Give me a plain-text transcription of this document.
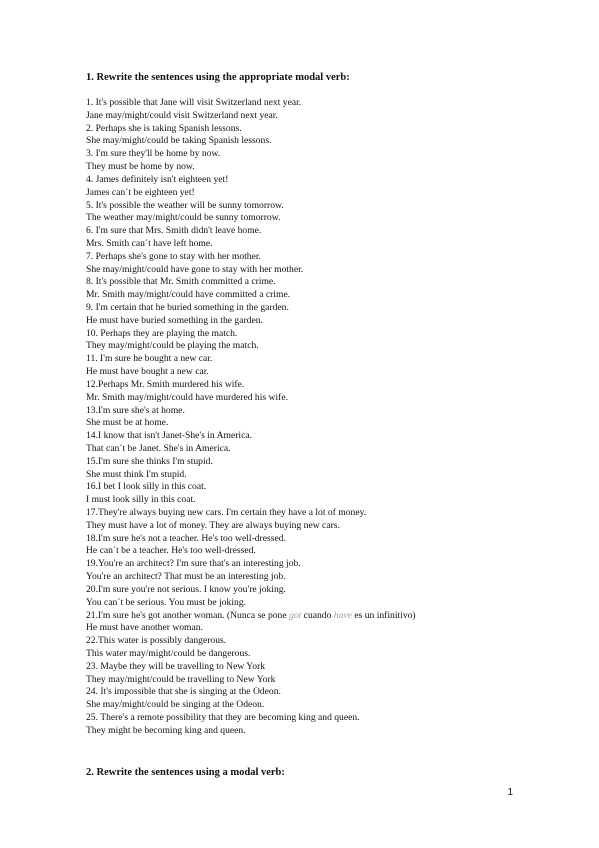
1. Rewrite the sentences using the appropriate modal verb:
1. It's possible that Jane will visit Switzerland next year.
Jane may/might/could visit Switzerland next year.
2. Perhaps she is taking Spanish lessons.
She may/might/could be taking Spanish lessons.
3. I'm sure they'll be home by now.
They must be home by now.
4. James definitely isn't eighteen yet!
James can´t be eighteen yet!
5. It's possible the weather will be sunny tomorrow.
The weather may/might/could be sunny tomorrow.
6. I'm sure that Mrs. Smith didn't leave home.
Mrs. Smith can´t have left home.
7. Perhaps she's gone to stay with her mother.
She may/might/could have gone to stay with her mother.
8. It's possible that Mr. Smith committed a crime.
Mr. Smith may/might/could have committed a crime.
9. I'm certain that he buried something in the garden.
He must have buried something in the garden.
10. Perhaps they are playing the match.
They may/might/could be playing the match.
11. I'm sure he bought a new car.
He must have bought a new car.
12.Perhaps Mr. Smith murdered his wife.
Mr. Smith may/might/could have murdered his wife.
13.I'm sure she's at home.
She must be at home.
14.I know that isn't Janet-She's in America.
That can´t be Janet. She's in America.
15.I'm sure she thinks I'm stupid.
She must think I'm stupid.
16.I bet I look silly in this coat.
I must look silly in this coat.
17.They're always buying new cars. I'm certain they have a lot of money.
They must have a lot of money. They are always buying new cars.
18.I'm sure he's not a teacher. He's too well-dressed.
He can´t be a teacher. He's too well-dressed.
19.You're an architect? I'm sure that's an interesting job.
You're an architect? That must be an interesting job.
20.I'm sure you're not serious. I know you're joking.
You can´t be serious. You must be joking.
21.I'm sure he's got another woman. (Nunca se pone got cuando have es un infinitivo)
He must have another woman.
22.This water is possibly dangerous.
This water may/might/could be dangerous.
23. Maybe they will be travelling to New York
They may/might/could be travelling to New York
24. It's impossible that she is singing at the Odeon.
She may/might/could be singing at the Odeon.
25. There's a remote possibility that they are becoming king and queen.
They might be becoming king and queen.
2. Rewrite the sentences using a modal verb:
1
